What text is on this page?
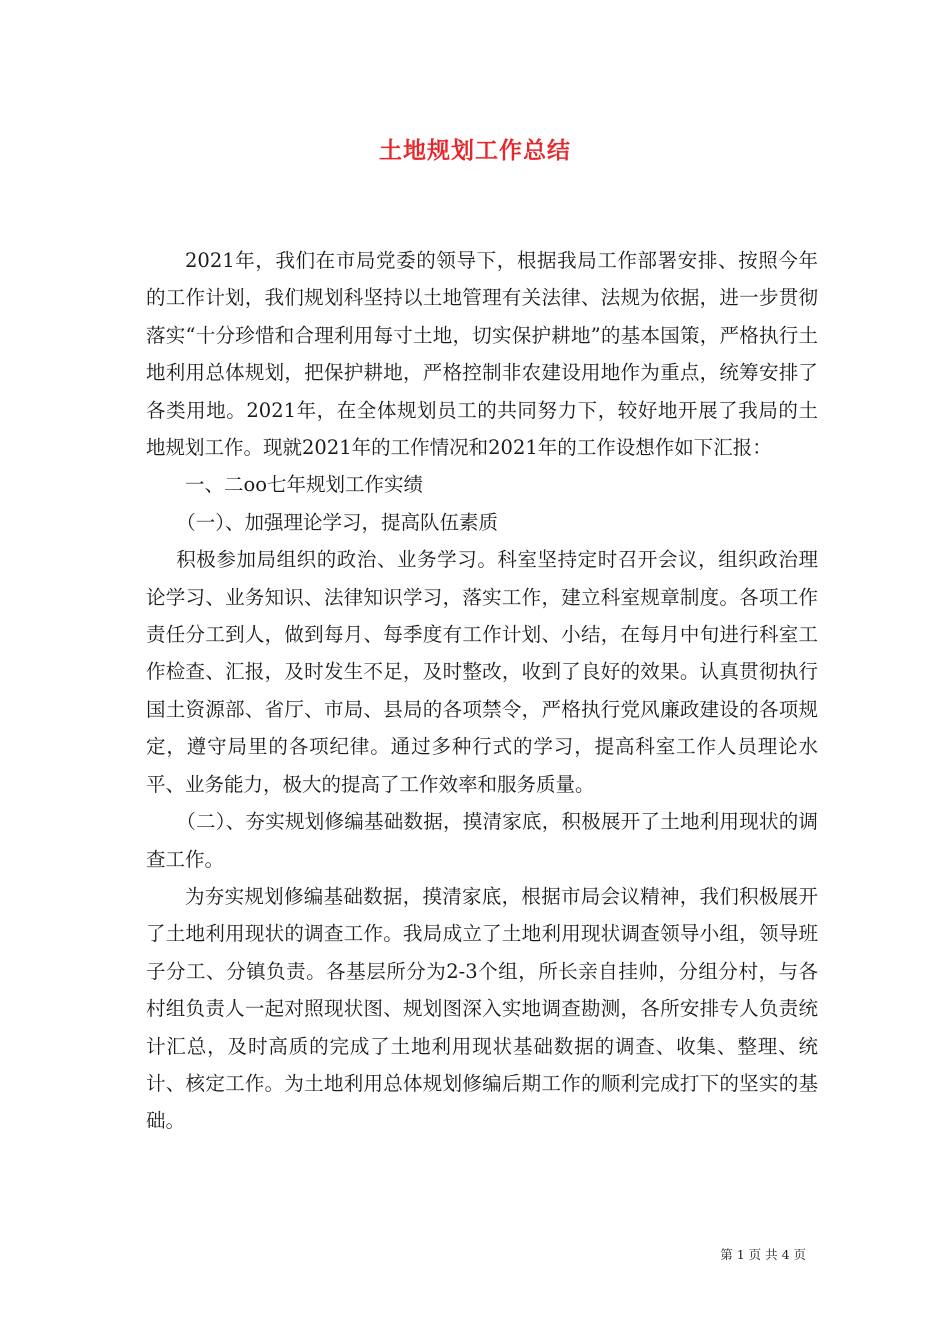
土地规划工作总结

2021年，我们在市局党委的领导下，根据我局工作部署安排、按照今年的工作计划，我们规划科坚持以土地管理有关法律、法规为依据，进一步贯彻落实“十分珍惜和合理利用每寸土地，切实保护耕地”的基本国策，严格执行土地利用总体规划，把保护耕地，严格控制非农建设用地作为重点，统筹安排了各类用地。2021年，在全体规划员工的共同努力下，较好地开展了我局的土地规划工作。现就2021年的工作情况和2021年的工作设想作如下汇报：

一、二oo七年规划工作实绩

（一）、加强理论学习，提高队伍素质

积极参加局组织的政治、业务学习。科室坚持定时召开会议，组织政治理论学习、业务知识、法律知识学习，落实工作，建立科室规章制度。各项工作责任分工到人，做到每月、每季度有工作计划、小结，在每月中旬进行科室工作检查、汇报，及时发生不足，及时整改，收到了良好的效果。认真贯彻执行国土资源部、省厅、市局、县局的各项禁令，严格执行党风廉政建设的各项规定，遵守局里的各项纪律。通过多种行式的学习，提高科室工作人员理论水平、业务能力，极大的提高了工作效率和服务质量。

（二）、夯实规划修编基础数据，摸清家底，积极展开了土地利用现状的调查工作。

为夯实规划修编基础数据，摸清家底，根据市局会议精神，我们积极展开了土地利用现状的调查工作。我局成立了土地利用现状调查领导小组，领导班子分工、分镇负责。各基层所分为2-3个组，所长亲自挂帅，分组分村，与各村组负责人一起对照现状图、规划图深入实地调查勘测，各所安排专人负责统计汇总，及时高质的完成了土地利用现状基础数据的调查、收集、整理、统计、核定工作。为土地利用总体规划修编后期工作的顺利完成打下的坚实的基础。

第 1 页 共 4 页
